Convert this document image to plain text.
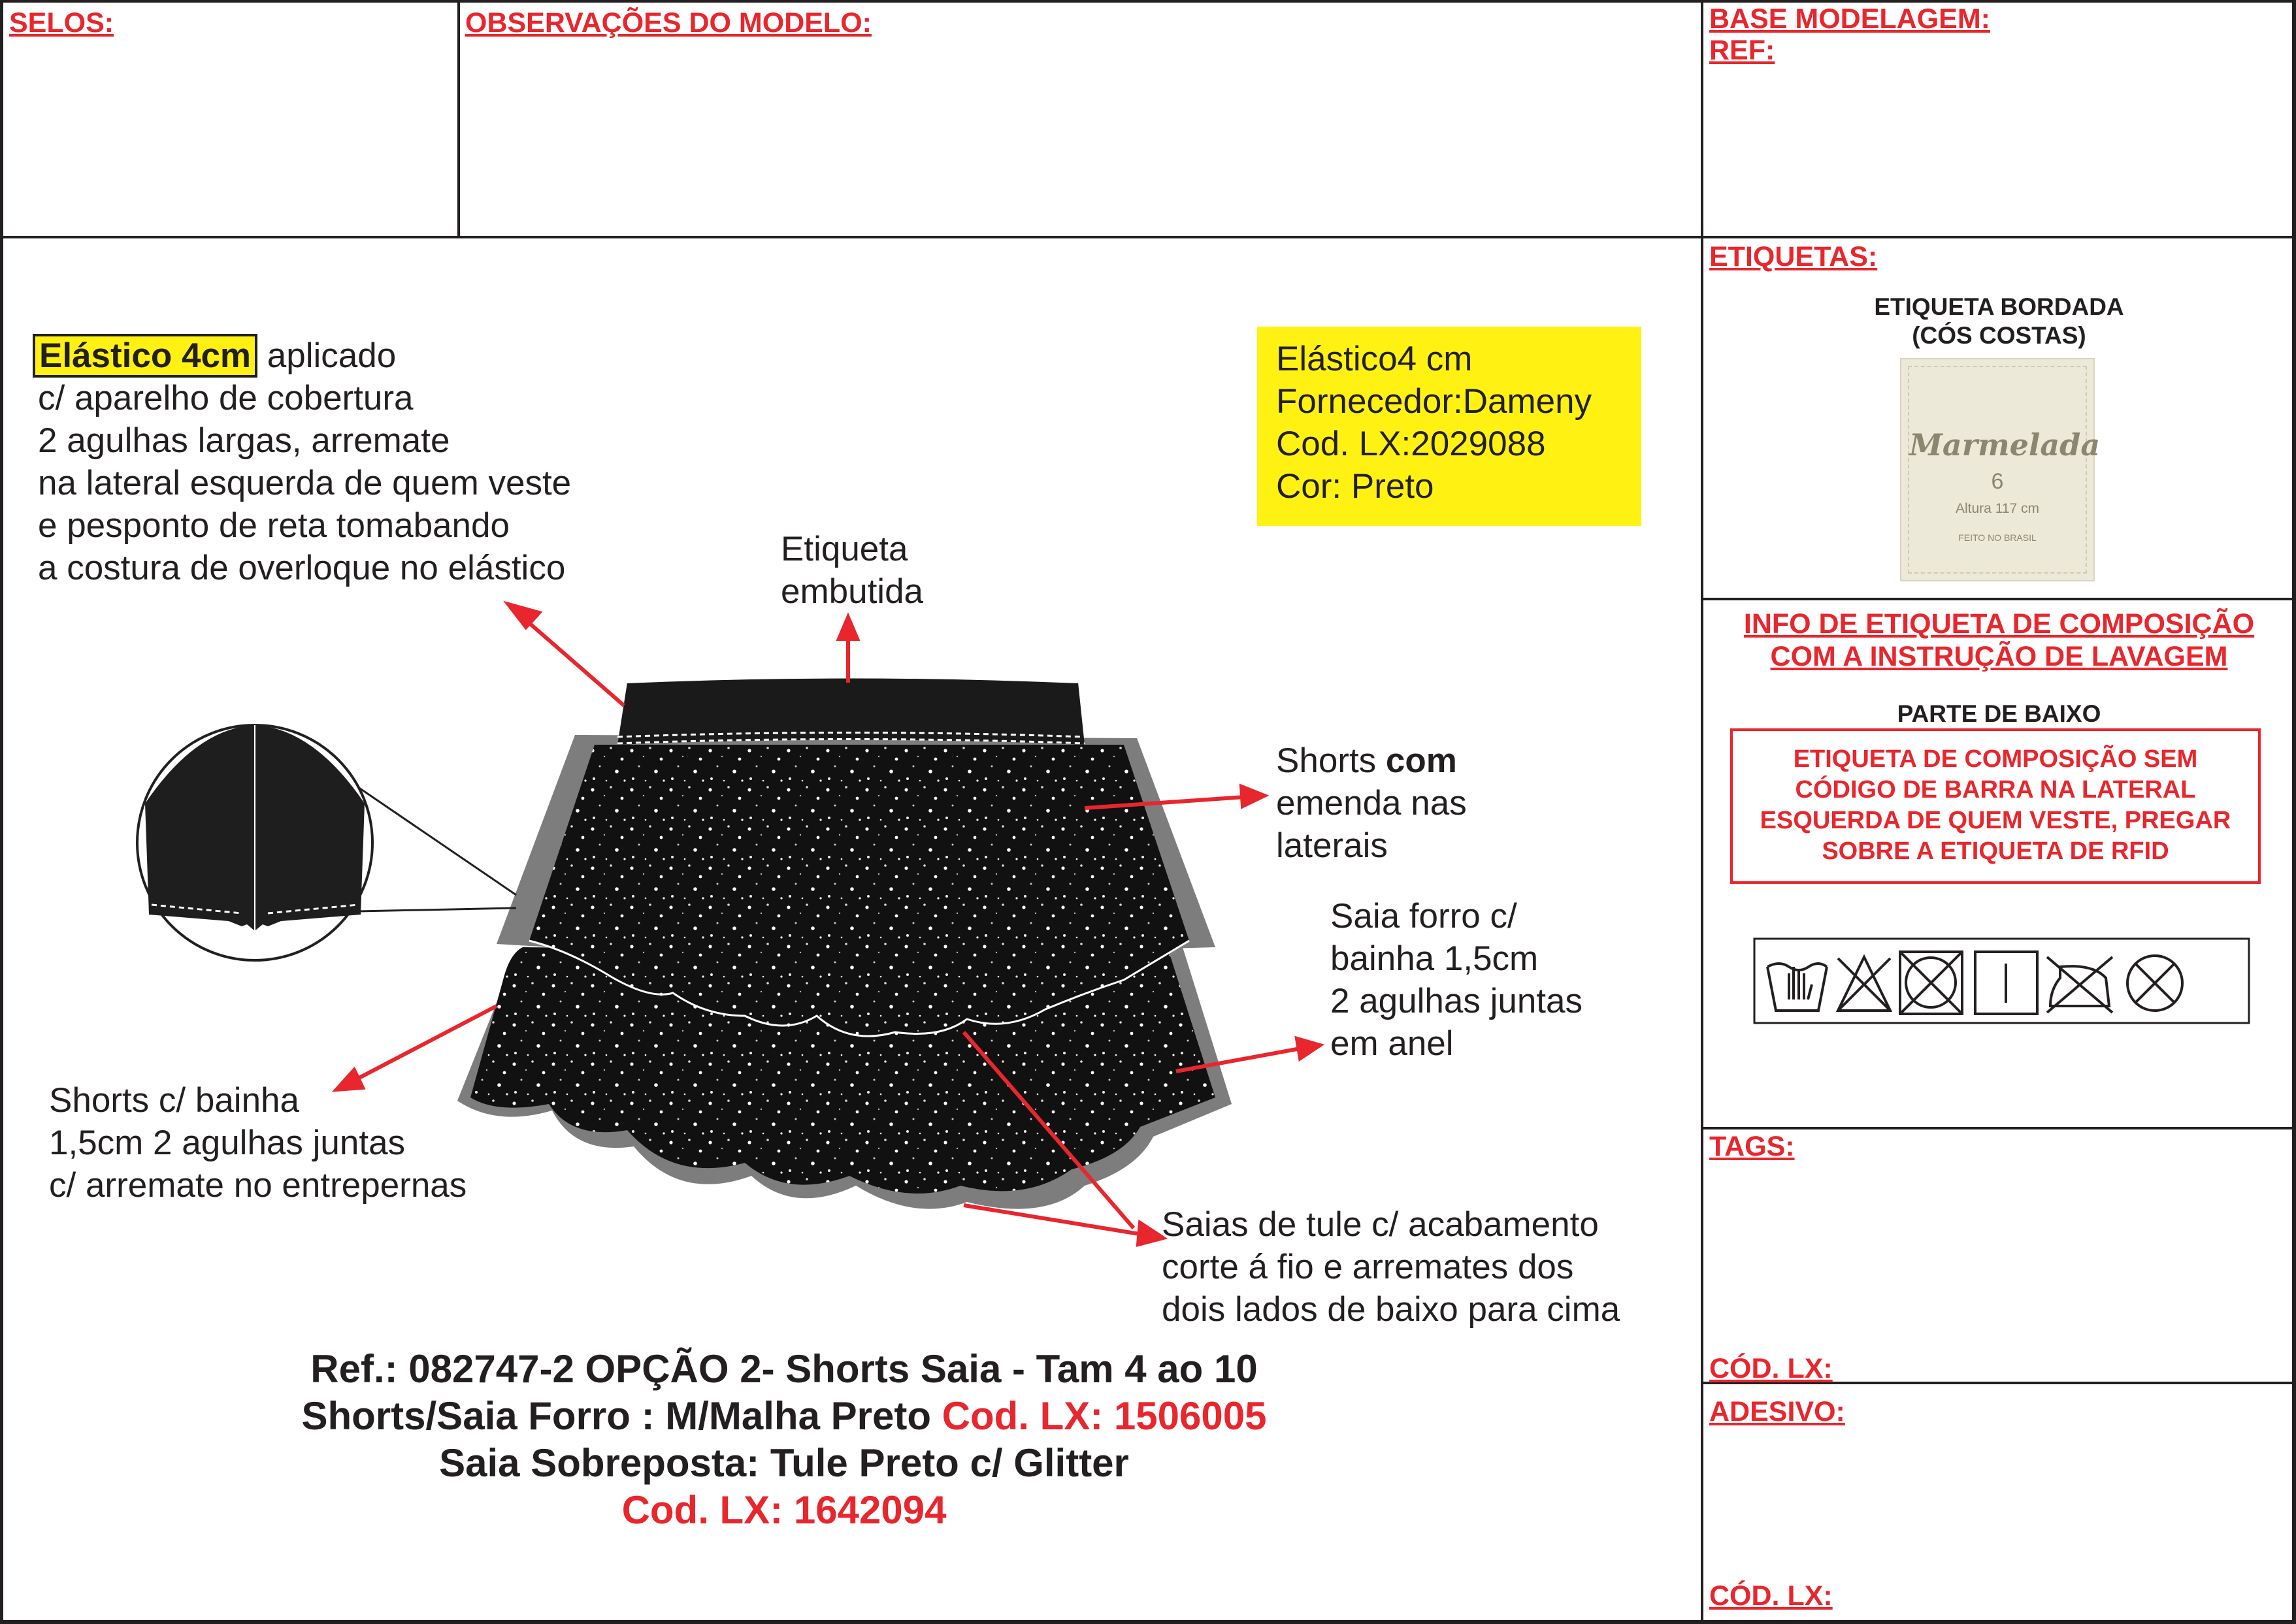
SELOS:	OBSERVAÇÕES DO MODELO:	BASE MODELAGEM:
REF:
Elástico 4cm aplicado
c/ aparelho de cobertura
2 agulhas largas, arremate
na lateral esquerda de quem veste
e pesponto de reta tomabando
a costura de overloque no elástico
Elástico4 cm
Fornecedor:Dameny
Cod. LX:2029088
Cor: Preto
Etiqueta
embutida
Shorts com
emenda nas
laterais
Saia forro c/
bainha 1,5cm
2 agulhas juntas
em anel
Shorts c/ bainha
1,5cm 2 agulhas juntas
c/ arremate no entrepernas
Saias de tule c/ acabamento
corte á fio e arremates dos
dois lados de baixo para cima
Ref.: 082747-2 OPÇÃO 2- Shorts Saia - Tam 4 ao 10
Shorts/Saia Forro : M/Malha Preto Cod. LX: 1506005
Saia Sobreposta: Tule Preto c/ Glitter
Cod. LX: 1642094
ETIQUETAS:
ETIQUETA BORDADA
(CÓS COSTAS)
Marmelada
6
Altura 117 cm
FEITO NO BRASIL
INFO DE ETIQUETA DE COMPOSIÇÃO
COM A INSTRUÇÃO DE LAVAGEM
PARTE DE BAIXO
ETIQUETA DE COMPOSIÇÃO SEM
CÓDIGO DE BARRA NA LATERAL
ESQUERDA DE QUEM VESTE, PREGAR
SOBRE A ETIQUETA DE RFID
TAGS:
CÓD. LX:
ADESIVO:
CÓD. LX:
